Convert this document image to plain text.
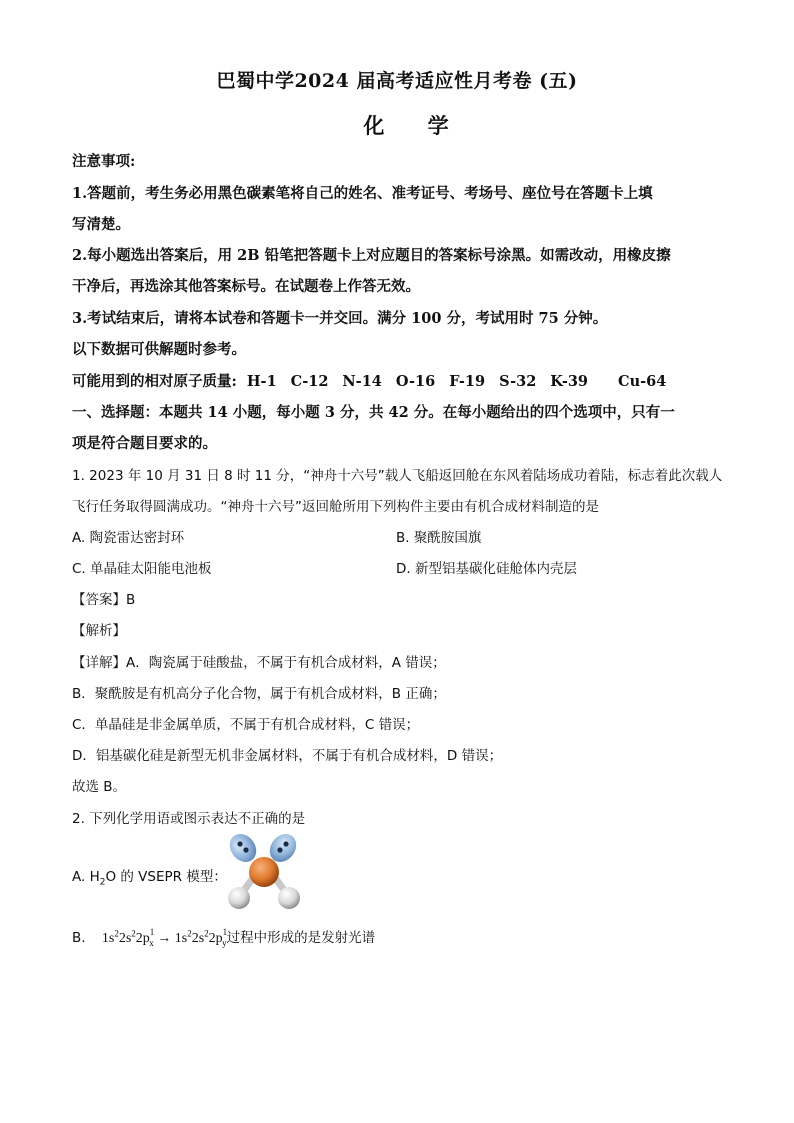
巴蜀中学2024 届高考适应性月考卷 (五)
化 学
注意事项:
1.答题前，考生务必用黑色碳素笔将自己的姓名、准考证号、考场号、座位号在答题卡上填
写清楚。
2.每小题选出答案后，用 2B 铅笔把答题卡上对应题目的答案标号涂黑。如需改动，用橡皮擦
干净后，再选涂其他答案标号。在试题卷上作答无效。
3.考试结束后，请将本试卷和答题卡一并交回。满分 100 分，考试用时 75 分钟。
以下数据可供解题时参考。
可能用到的相对原子质量: H-1 C-12 N-14 O-16 F-19 S-32 K-39 Cu-64
一、选择题：本题共 14 小题，每小题 3 分，共 42 分。在每小题给出的四个选项中，只有一
项是符合题目要求的。
1. 2023 年 10 月 31 日 8 时 11 分，“神舟十六号”载人飞船返回舱在东风着陆场成功着陆，标志着此次载人
飞行任务取得圆满成功。“神舟十六号”返回舱所用下列构件主要由有机合成材料制造的是
A. 陶瓷雷达密封环	B. 聚酰胺国旗
C. 单晶硅太阳能电池板	D. 新型铝基碳化硅舱体内壳层
【答案】B
【解析】
【详解】A．陶瓷属于硅酸盐，不属于有机合成材料，A 错误；
B．聚酰胺是有机高分子化合物，属于有机合成材料，B 正确；
C．单晶硅是非金属单质，不属于有机合成材料，C 错误；
D．铝基碳化硅是新型无机非金属材料，不属于有机合成材料，D 错误；
故选 B。
2. 下列化学用语或图示表达不正确的是
A. $H_2O$ 的 VSEPR 模型：
B. $1s^22s^22p^1_x \to 1s^22s^22p^1_y$过程中形成的是发射光谱
